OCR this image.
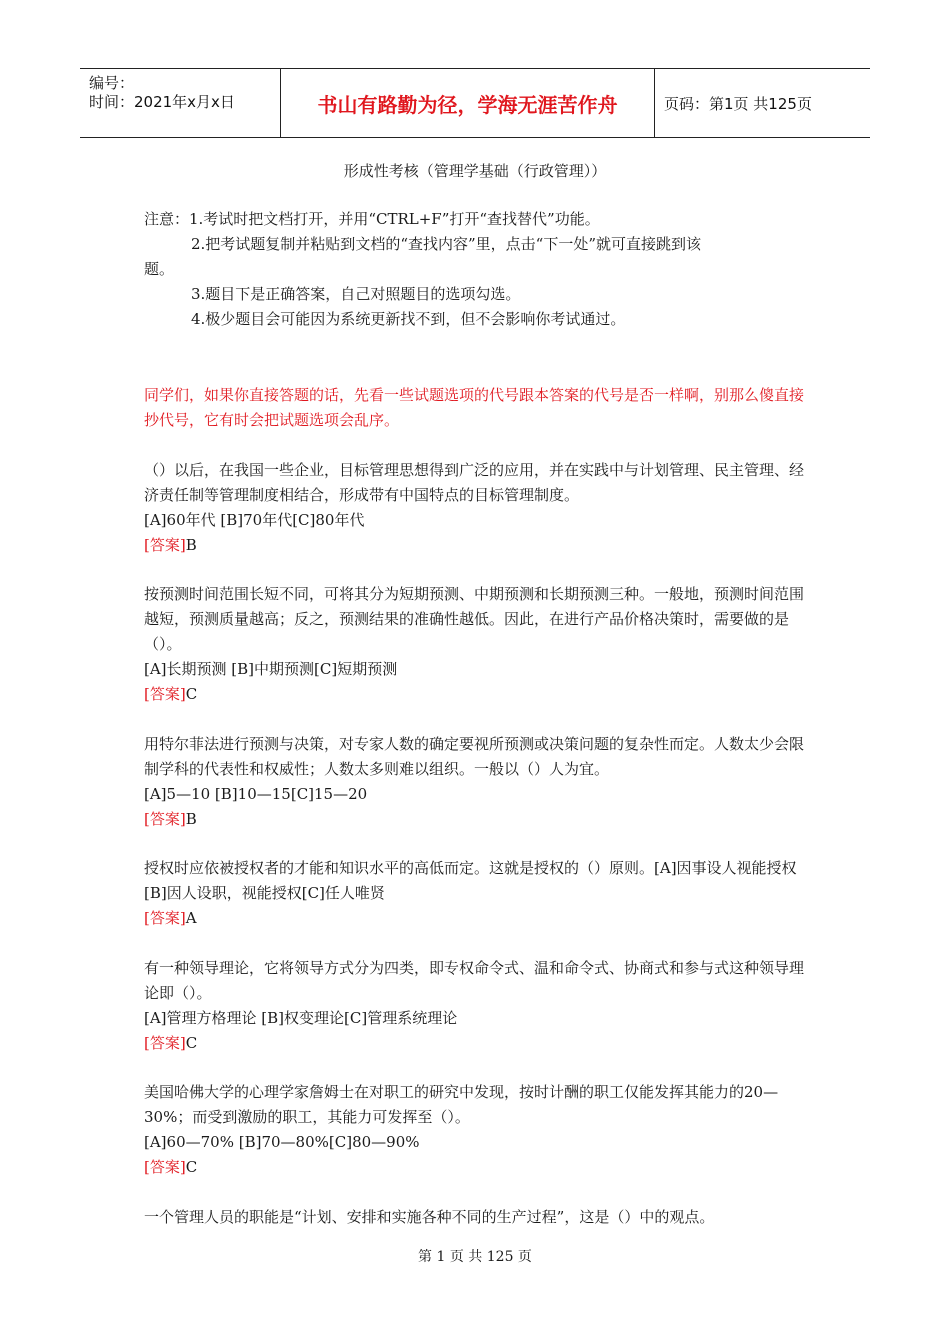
编号：
时间：2021年x月x日	书山有路勤为径，学海无涯苦作舟	页码：第1页 共125页
形成性考核（管理学基础（行政管理））

注意：1.考试时把文档打开，并用“CTRL+F”打开“查找替代”功能。

2.把考试题复制并粘贴到文档的“查找内容”里，点击“下一处”就可直接跳到该

题。

3.题目下是正确答案，自己对照题目的选项勾选。

4.极少题目会可能因为系统更新找不到，但不会影响你考试通过。

同学们，如果你直接答题的话，先看一些试题选项的代号跟本答案的代号是否一样啊，别那么傻直接抄代号，它有时会把试题选项会乱序。

（）以后，在我国一些企业，目标管理思想得到广泛的应用，并在实践中与计划管理、民主管理、经济责任制等管理制度相结合，形成带有中国特点的目标管理制度。

[A]60年代 [B]70年代[C]80年代

[答案]B

按预测时间范围长短不同，可将其分为短期预测、中期预测和长期预测三种。一般地，预测时间范围越短，预测质量越高；反之，预测结果的准确性越低。因此，在进行产品价格决策时，需要做的是（）。

[A]长期预测 [B]中期预测[C]短期预测

[答案]C

用特尔菲法进行预测与决策，对专家人数的确定要视所预测或决策问题的复杂性而定。人数太少会限制学科的代表性和权威性；人数太多则难以组织。一般以（）人为宜。

[A]5—10 [B]10—15[C]15—20

[答案]B

授权时应依被授权者的才能和知识水平的高低而定。这就是授权的（）原则。[A]因事设人视能授权 [B]因人设职，视能授权[C]任人唯贤

[答案]A

有一种领导理论，它将领导方式分为四类，即专权命令式、温和命令式、协商式和参与式这种领导理论即（）。

[A]管理方格理论 [B]权变理论[C]管理系统理论

[答案]C

美国哈佛大学的心理学家詹姆士在对职工的研究中发现，按时计酬的职工仅能发挥其能力的20—30%；而受到激励的职工，其能力可发挥至（）。

[A]60—70% [B]70—80%[C]80—90%

[答案]C

一个管理人员的职能是“计划、安排和实施各种不同的生产过程”，这是（）中的观点。

第 1 页 共 125 页
